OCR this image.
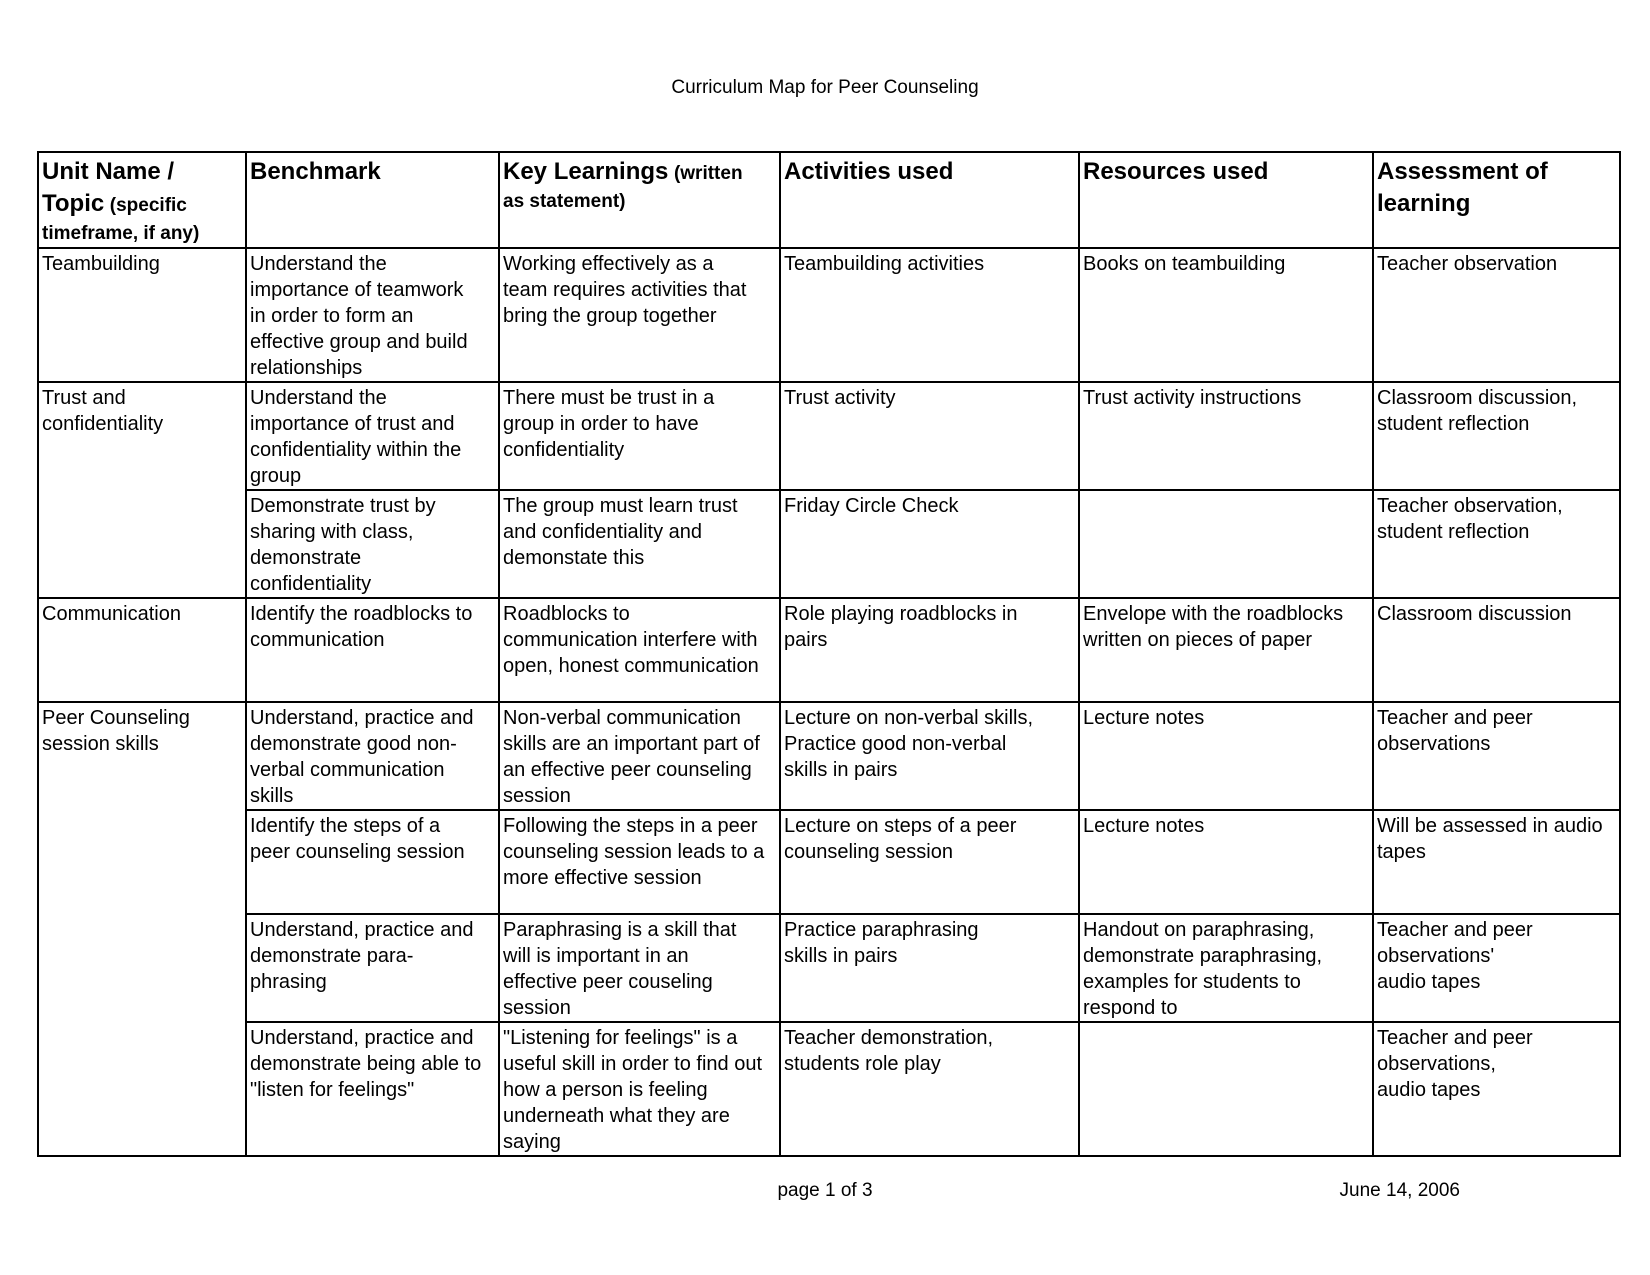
Curriculum Map for Peer Counseling
Unit Name /
Topic (specific
timeframe, if any)	Benchmark	Key Learnings (written
as statement)	Activities used	Resources used	Assessment of learning
Teambuilding	Understand the
importance of teamwork
in order to form an
effective group and build
relationships	Working effectively as a
team requires activities that
bring the group together	Teambuilding activities	Books on teambuilding	Teacher observation
Trust and
confidentiality	Understand the
importance of trust and
confidentiality within the
group	There must be trust in a
group in order to have
confidentiality	Trust activity	Trust activity instructions	Classroom discussion,
student reflection
	Demonstrate trust by
sharing with class,
demonstrate
confidentiality	The group must learn trust
and confidentiality and
demonstate this	Friday Circle Check		Teacher observation,
student reflection
Communication	Identify the roadblocks to
communication	Roadblocks to
communication interfere with
open, honest communication	Role playing roadblocks in
pairs	Envelope with the roadblocks
written on pieces of paper	Classroom discussion
Peer Counseling
session skills	Understand, practice and
demonstrate good non-
verbal communication
skills	Non-verbal communication
skills are an important part of
an effective peer counseling
session	Lecture on non-verbal skills,
Practice good non-verbal
skills in pairs	Lecture notes	Teacher and peer
observations
	Identify the steps of a
peer counseling session	Following the steps in a peer
counseling session leads to a
more effective session	Lecture on steps of a peer
counseling session	Lecture notes	Will be assessed in audio
tapes
	Understand, practice and
demonstrate para-
phrasing	Paraphrasing is a skill that
will is important in an
effective peer couseling
session	Practice paraphrasing
skills in pairs	Handout on paraphrasing,
demonstrate paraphrasing,
examples for students to
respond to	Teacher and peer
observations'
audio tapes
	Understand, practice and
demonstrate being able to
"listen for feelings"	"Listening for feelings" is a
useful skill in order to find out
how a person is feeling
underneath what they are
saying	Teacher demonstration,
students role play		Teacher and peer
observations,
audio tapes
page 1 of 3	June 14, 2006
